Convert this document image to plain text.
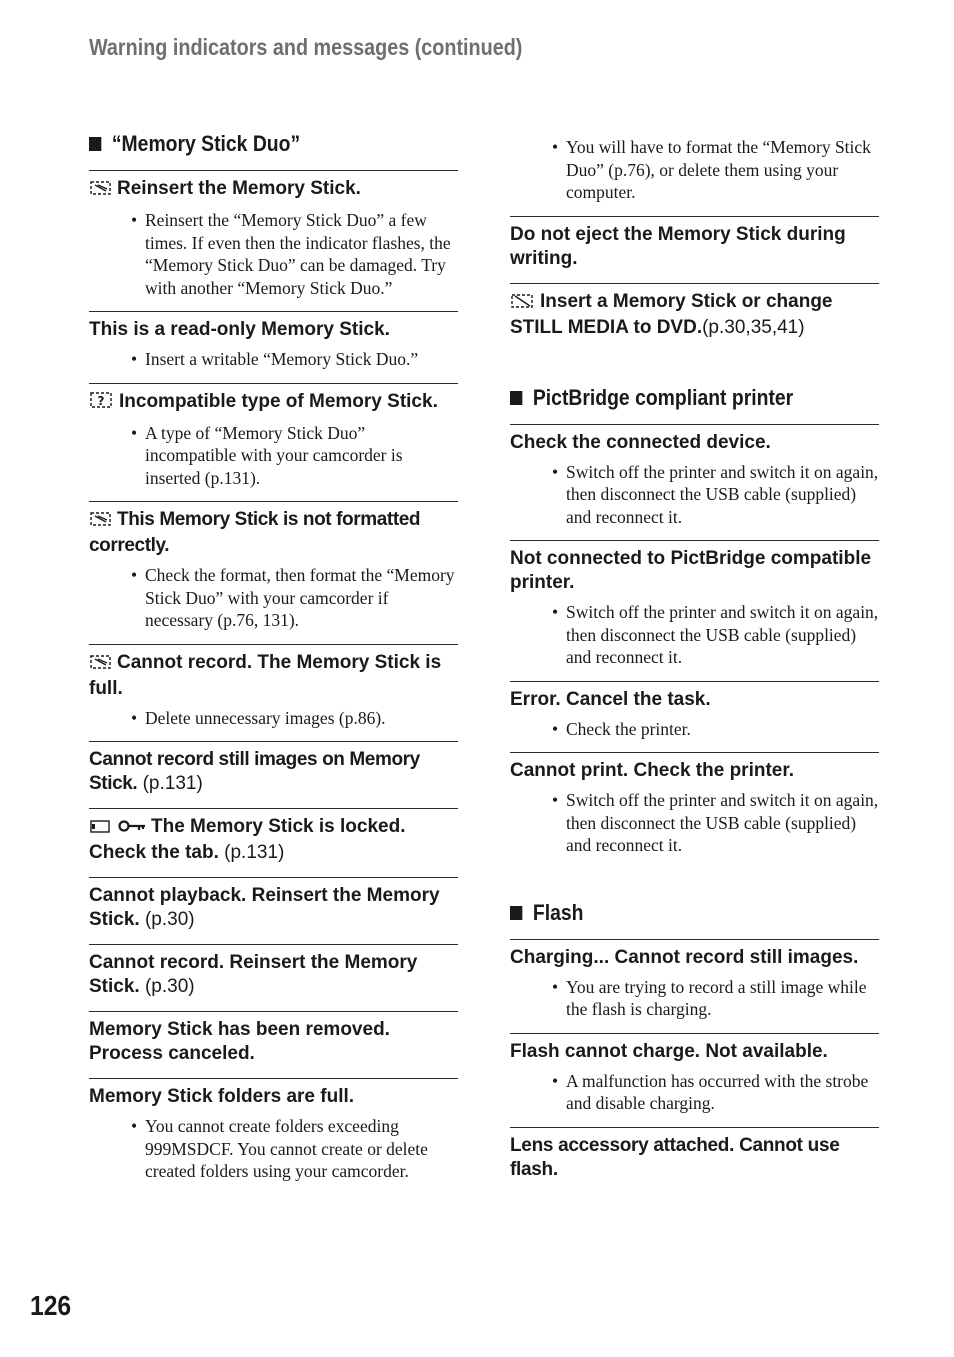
Warning indicators and messages (continued)
“Memory Stick Duo”
Reinsert the Memory Stick.
• Reinsert the “Memory Stick Duo” a few times. If even then the indicator flashes, the “Memory Stick Duo” can be damaged. Try with another “Memory Stick Duo.”
This is a read-only Memory Stick.
• Insert a writable “Memory Stick Duo.”
? Incompatible type of Memory Stick.
• A type of “Memory Stick Duo” incompatible with your camcorder is inserted (p.131).
This Memory Stick is not formatted correctly.
• Check the format, then format the “Memory Stick Duo” with your camcorder if necessary (p.76, 131).
Cannot record. The Memory Stick is full.
• Delete unnecessary images (p.86).
Cannot record still images on Memory Stick. (p.131)
The Memory Stick is locked. Check the tab. (p.131)
Cannot playback. Reinsert the Memory Stick. (p.30)
Cannot record. Reinsert the Memory Stick. (p.30)
Memory Stick has been removed. Process canceled.
Memory Stick folders are full.
• You cannot create folders exceeding 999MSDCF. You cannot create or delete created folders using your camcorder.
• You will have to format the “Memory Stick Duo” (p.76), or delete them using your computer.
Do not eject the Memory Stick during writing.
Insert a Memory Stick or change STILL MEDIA to DVD.(p.30,35,41)
PictBridge compliant printer
Check the connected device.
• Switch off the printer and switch it on again, then disconnect the USB cable (supplied) and reconnect it.
Not connected to PictBridge compatible printer.
• Switch off the printer and switch it on again, then disconnect the USB cable (supplied) and reconnect it.
Error. Cancel the task.
• Check the printer.
Cannot print. Check the printer.
• Switch off the printer and switch it on again, then disconnect the USB cable (supplied) and reconnect it.
Flash
Charging... Cannot record still images.
• You are trying to record a still image while the flash is charging.
Flash cannot charge. Not available.
• A malfunction has occurred with the strobe and disable charging.
Lens accessory attached. Cannot use flash.
126
